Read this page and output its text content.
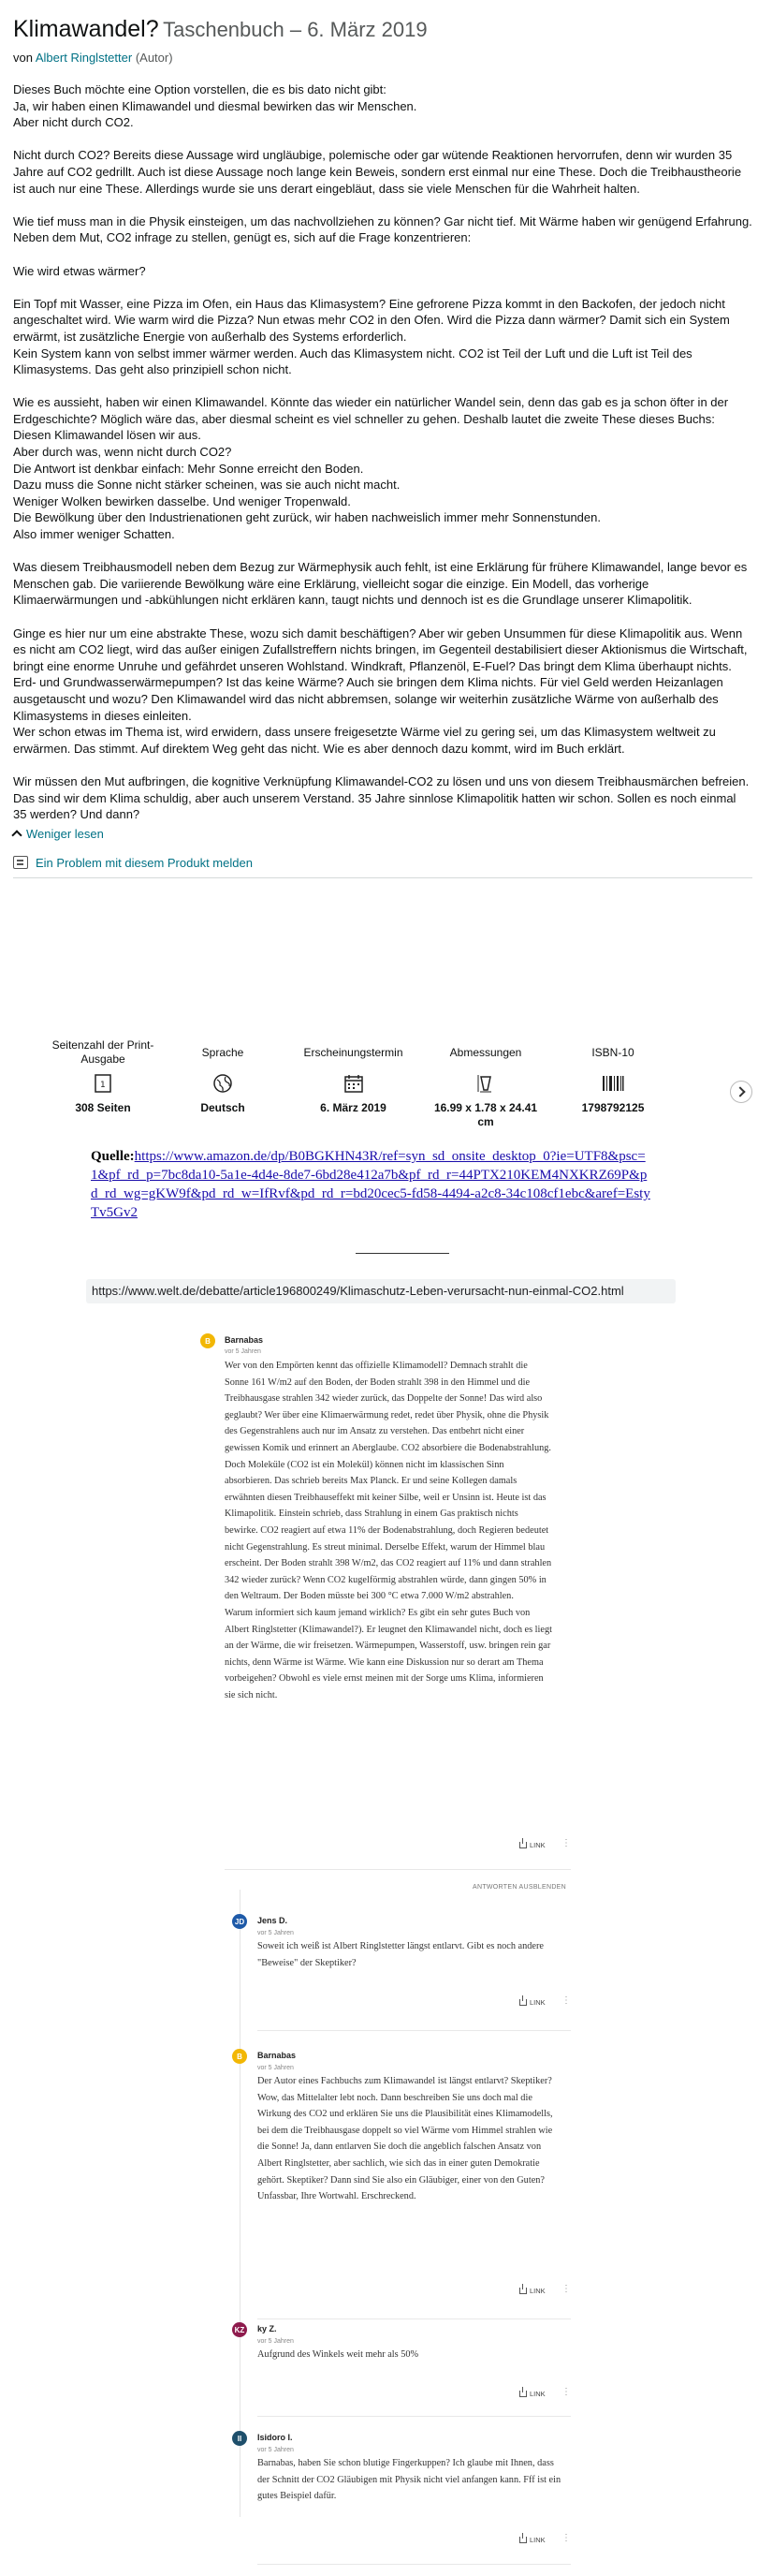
Klimawandel? Taschenbuch – 6. März 2019
von Albert Ringlstetter (Autor)

Dieses Buch möchte eine Option vorstellen, die es bis dato nicht gibt:

Ja, wir haben einen Klimawandel und diesmal bewirken das wir Menschen.

Aber nicht durch CO2.

Nicht durch CO2? Bereits diese Aussage wird ungläubige, polemische oder gar wütende Reaktionen hervorrufen, denn wir wurden 35 Jahre auf CO2 gedrillt. Auch ist diese Aussage noch lange kein Beweis, sondern erst einmal nur eine These. Doch die Treibhaustheorie ist auch nur eine These. Allerdings wurde sie uns derart eingebläut, dass sie viele Menschen für die Wahrheit halten.

Wie tief muss man in die Physik einsteigen, um das nachvollziehen zu können? Gar nicht tief. Mit Wärme haben wir genügend Erfahrung. Neben dem Mut, CO2 infrage zu stellen, genügt es, sich auf die Frage konzentrieren:

Wie wird etwas wärmer?

Ein Topf mit Wasser, eine Pizza im Ofen, ein Haus das Klimasystem? Eine gefrorene Pizza kommt in den Backofen, der jedoch nicht angeschaltet wird. Wie warm wird die Pizza? Nun etwas mehr CO2 in den Ofen. Wird die Pizza dann wärmer? Damit sich ein System erwärmt, ist zusätzliche Energie von außerhalb des Systems erforderlich.

Kein System kann von selbst immer wärmer werden. Auch das Klimasystem nicht. CO2 ist Teil der Luft und die Luft ist Teil des Klimasystems. Das geht also prinzipiell schon nicht.

Wie es aussieht, haben wir einen Klimawandel. Könnte das wieder ein natürlicher Wandel sein, denn das gab es ja schon öfter in der Erdgeschichte? Möglich wäre das, aber diesmal scheint es viel schneller zu gehen. Deshalb lautet die zweite These dieses Buchs: Diesen Klimawandel lösen wir aus.

Aber durch was, wenn nicht durch CO2?

Die Antwort ist denkbar einfach: Mehr Sonne erreicht den Boden.

Dazu muss die Sonne nicht stärker scheinen, was sie auch nicht macht.

Weniger Wolken bewirken dasselbe. Und weniger Tropenwald.

Die Bewölkung über den Industrienationen geht zurück, wir haben nachweislich immer mehr Sonnenstunden.

Also immer weniger Schatten.

Was diesem Treibhausmodell neben dem Bezug zur Wärmephysik auch fehlt, ist eine Erklärung für frühere Klimawandel, lange bevor es Menschen gab. Die variierende Bewölkung wäre eine Erklärung, vielleicht sogar die einzige. Ein Modell, das vorherige Klimaerwärmungen und -abkühlungen nicht erklären kann, taugt nichts und dennoch ist es die Grundlage unserer Klimapolitik.

Ginge es hier nur um eine abstrakte These, wozu sich damit beschäftigen? Aber wir geben Unsummen für diese Klimapolitik aus. Wenn es nicht am CO2 liegt, wird das außer einigen Zufallstreffern nichts bringen, im Gegenteil destabilisiert dieser Aktionismus die Wirtschaft, bringt eine enorme Unruhe und gefährdet unseren Wohlstand. Windkraft, Pflanzenöl, E-Fuel? Das bringt dem Klima überhaupt nichts. Erd- und Grundwasserwärmepumpen? Ist das keine Wärme? Auch sie bringen dem Klima nichts. Für viel Geld werden Heizanlagen ausgetauscht und wozu? Den Klimawandel wird das nicht abbremsen, solange wir weiterhin zusätzliche Wärme von außerhalb des Klimasystems in dieses einleiten.

Wer schon etwas im Thema ist, wird erwidern, dass unsere freigesetzte Wärme viel zu gering sei, um das Klimasystem weltweit zu erwärmen. Das stimmt. Auf direktem Weg geht das nicht. Wie es aber dennoch dazu kommt, wird im Buch erklärt.

Wir müssen den Mut aufbringen, die kognitive Verknüpfung Klimawandel-CO2 zu lösen und uns von diesem Treibhausmärchen befreien. Das sind wir dem Klima schuldig, aber auch unserem Verstand. 35 Jahre sinnlose Klimapolitik hatten wir schon. Sollen es noch einmal 35 werden? Und dann?

Weniger lesen
Ein Problem mit diesem Produkt melden
Seitenzahl der Print-Ausgabe
1
308 Seiten
Sprache
Deutsch
Erscheinungstermin
6. März 2019
Abmessungen
16.99 x 1.78 x 24.41 cm
ISBN-10
1798792125
Quelle:https://www.amazon.de/dp/B0BGKHN43R/ref=syn_sd_onsite_desktop_0?ie=UTF8&psc=1&pf_rd_p=7bc8da10-5a1e-4d4e-8de7-6bd28e412a7b&pf_rd_r=44PTX210KEM4NXKRZ69P&pd_rd_wg=gKW9f&pd_rd_w=IfRvf&pd_rd_r=bd20cec5-fd58-4494-a2c8-34c108cf1ebc&aref=EstyTv5Gv2
https://www.welt.de/debatte/article196800249/Klimaschutz-Leben-verursacht-nun-einmal-CO2.html
B Barnabas
vor 5 Jahren
Wer von den Empörten kennt das offizielle Klimamodell? Demnach strahlt die Sonne 161 W/m2 auf den Boden, der Boden strahlt 398 in den Himmel und die Treibhausgase strahlen 342 wieder zurück, das Doppelte der Sonne! Das wird also geglaubt? Wer über eine Klimaerwärmung redet, redet über Physik, ohne die Physik des Gegenstrahlens auch nur im Ansatz zu verstehen. Das entbehrt nicht einer gewissen Komik und erinnert an Aberglaube. CO2 absorbiere die Bodenabstrahlung. Doch Moleküle (CO2 ist ein Molekül) können nicht im klassischen Sinn absorbieren. Das schrieb bereits Max Planck. Er und seine Kollegen damals erwähnten diesen Treibhauseffekt mit keiner Silbe, weil er Unsinn ist. Heute ist das Klimapolitik. Einstein schrieb, dass Strahlung in einem Gas praktisch nichts bewirke. CO2 reagiert auf etwa 11% der Bodenabstrahlung, doch Regieren bedeutet nicht Gegenstrahlung. Es streut minimal. Derselbe Effekt, warum der Himmel blau erscheint. Der Boden strahlt 398 W/m2, das CO2 reagiert auf 11% und dann strahlen 342 wieder zurück? Wenn CO2 kugelförmig abstrahlen würde, dann gingen 50% in den Weltraum. Der Boden müsste bei 300 °C etwa 7.000 W/m2 abstrahlen.
Warum informiert sich kaum jemand wirklich? Es gibt ein sehr gutes Buch von Albert Ringlstetter (Klimawandel?). Er leugnet den Klimawandel nicht, doch es liegt an der Wärme, die wir freisetzen. Wärmepumpen, Wasserstoff, usw. bringen rein gar nichts, denn Wärme ist Wärme. Wie kann eine Diskussion nur so derart am Thema vorbeigehen? Obwohl es viele ernst meinen mit der Sorge ums Klima, informieren sie sich nicht.
LINK ⋮
ANTWORTEN AUSBLENDEN
JD Jens D.
vor 5 Jahren
Soweit ich weiß ist Albert Ringlstetter längst entlarvt. Gibt es noch andere "Beweise" der Skeptiker?
LINK ⋮
B Barnabas
vor 5 Jahren
Der Autor eines Fachbuchs zum Klimawandel ist längst entlarvt? Skeptiker? Wow, das Mittelalter lebt noch. Dann beschreiben Sie uns doch mal die Wirkung des CO2 und erklären Sie uns die Plausibilität eines Klimamodells, bei dem die Treibhausgase doppelt so viel Wärme vom Himmel strahlen wie die Sonne! Ja, dann entlarven Sie doch die angeblich falschen Ansatz von Albert Ringlstetter, aber sachlich, wie sich das in einer guten Demokratie gehört. Skeptiker? Dann sind Sie also ein Gläubiger, einer von den Guten? Unfassbar, Ihre Wortwahl. Erschreckend.
LINK ⋮
KZ ky Z.
vor 5 Jahren
Aufgrund des Winkels weit mehr als 50%
LINK ⋮
II Isidoro I.
vor 5 Jahren
Barnabas, haben Sie schon blutige Fingerkuppen? Ich glaube mit Ihnen, dass der Schnitt der CO2 Gläubigen mit Physik nicht viel anfangen kann. Fff ist ein gutes Beispiel dafür.
LINK ⋮
